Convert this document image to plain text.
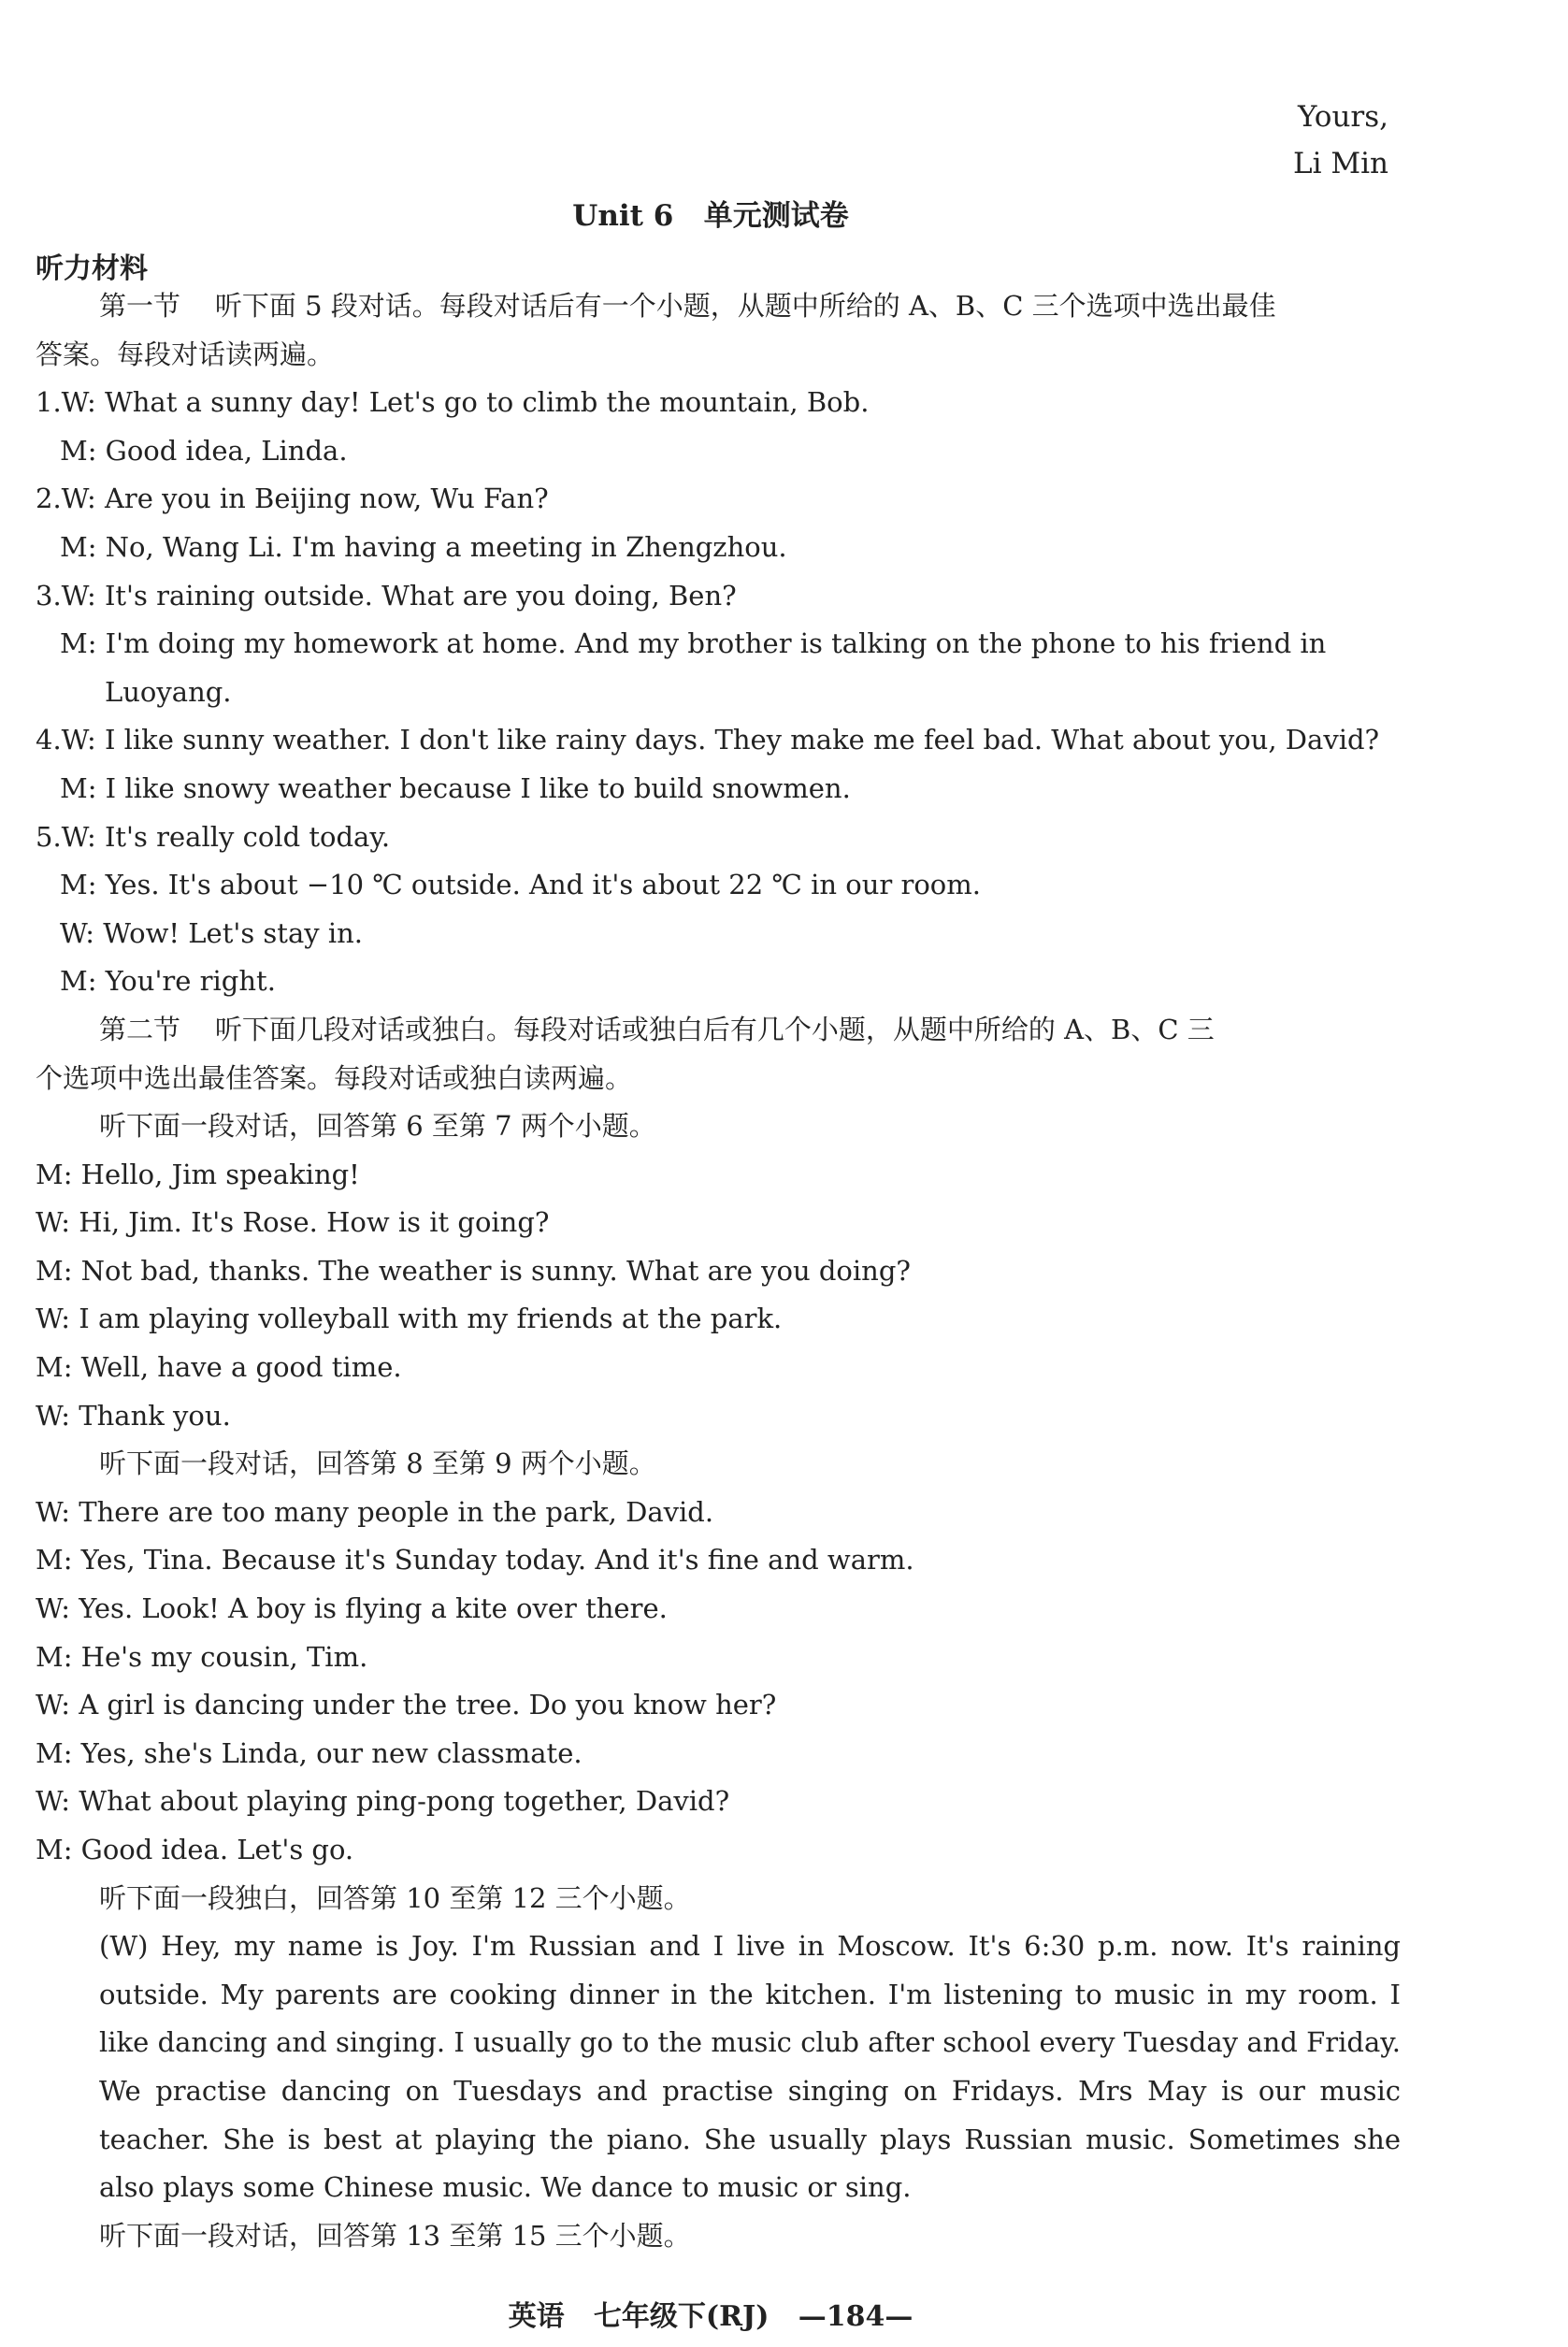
Yours,
Li Min
Unit 6   单元测试卷
听力材料
第一节    听下面 5 段对话。每段对话后有一个小题，从题中所给的 A、B、C 三个选项中选出最佳
答案。每段对话读两遍。
1.W: What a sunny day! Let's go to climb the mountain, Bob.
M: Good idea, Linda.
2.W: Are you in Beijing now, Wu Fan?
M: No, Wang Li. I'm having a meeting in Zhengzhou.
3.W: It's raining outside. What are you doing, Ben?
M: I'm doing my homework at home. And my brother is talking on the phone to his friend in
Luoyang.
4.W: I like sunny weather. I don't like rainy days. They make me feel bad. What about you, David?
M: I like snowy weather because I like to build snowmen.
5.W: It's really cold today.
M: Yes. It's about −10 ℃ outside. And it's about 22 ℃ in our room.
W: Wow! Let's stay in.
M: You're right.
第二节    听下面几段对话或独白。每段对话或独白后有几个小题，从题中所给的 A、B、C 三
个选项中选出最佳答案。每段对话或独白读两遍。
听下面一段对话，回答第 6 至第 7 两个小题。
M: Hello, Jim speaking!
W: Hi, Jim. It's Rose. How is it going?
M: Not bad, thanks. The weather is sunny. What are you doing?
W: I am playing volleyball with my friends at the park.
M: Well, have a good time.
W: Thank you.
听下面一段对话，回答第 8 至第 9 两个小题。
W: There are too many people in the park, David.
M: Yes, Tina. Because it's Sunday today. And it's fine and warm.
W: Yes. Look! A boy is flying a kite over there.
M: He's my cousin, Tim.
W: A girl is dancing under the tree. Do you know her?
M: Yes, she's Linda, our new classmate.
W: What about playing ping-pong together, David?
M: Good idea. Let's go.
听下面一段独白，回答第 10 至第 12 三个小题。
(W) Hey, my name is Joy. I'm Russian and I live in Moscow. It's 6:30 p.m. now. It's raining outside. My parents are cooking dinner in the kitchen. I'm listening to music in my room. I like dancing and singing. I usually go to the music club after school every Tuesday and Friday. We practise dancing on Tuesdays and practise singing on Fridays. Mrs May is our music teacher. She is best at playing the piano. She usually plays Russian music. Sometimes she also plays some Chinese music. We dance to music or sing.
听下面一段对话，回答第 13 至第 15 三个小题。
英语   七年级下(RJ)   —184—
